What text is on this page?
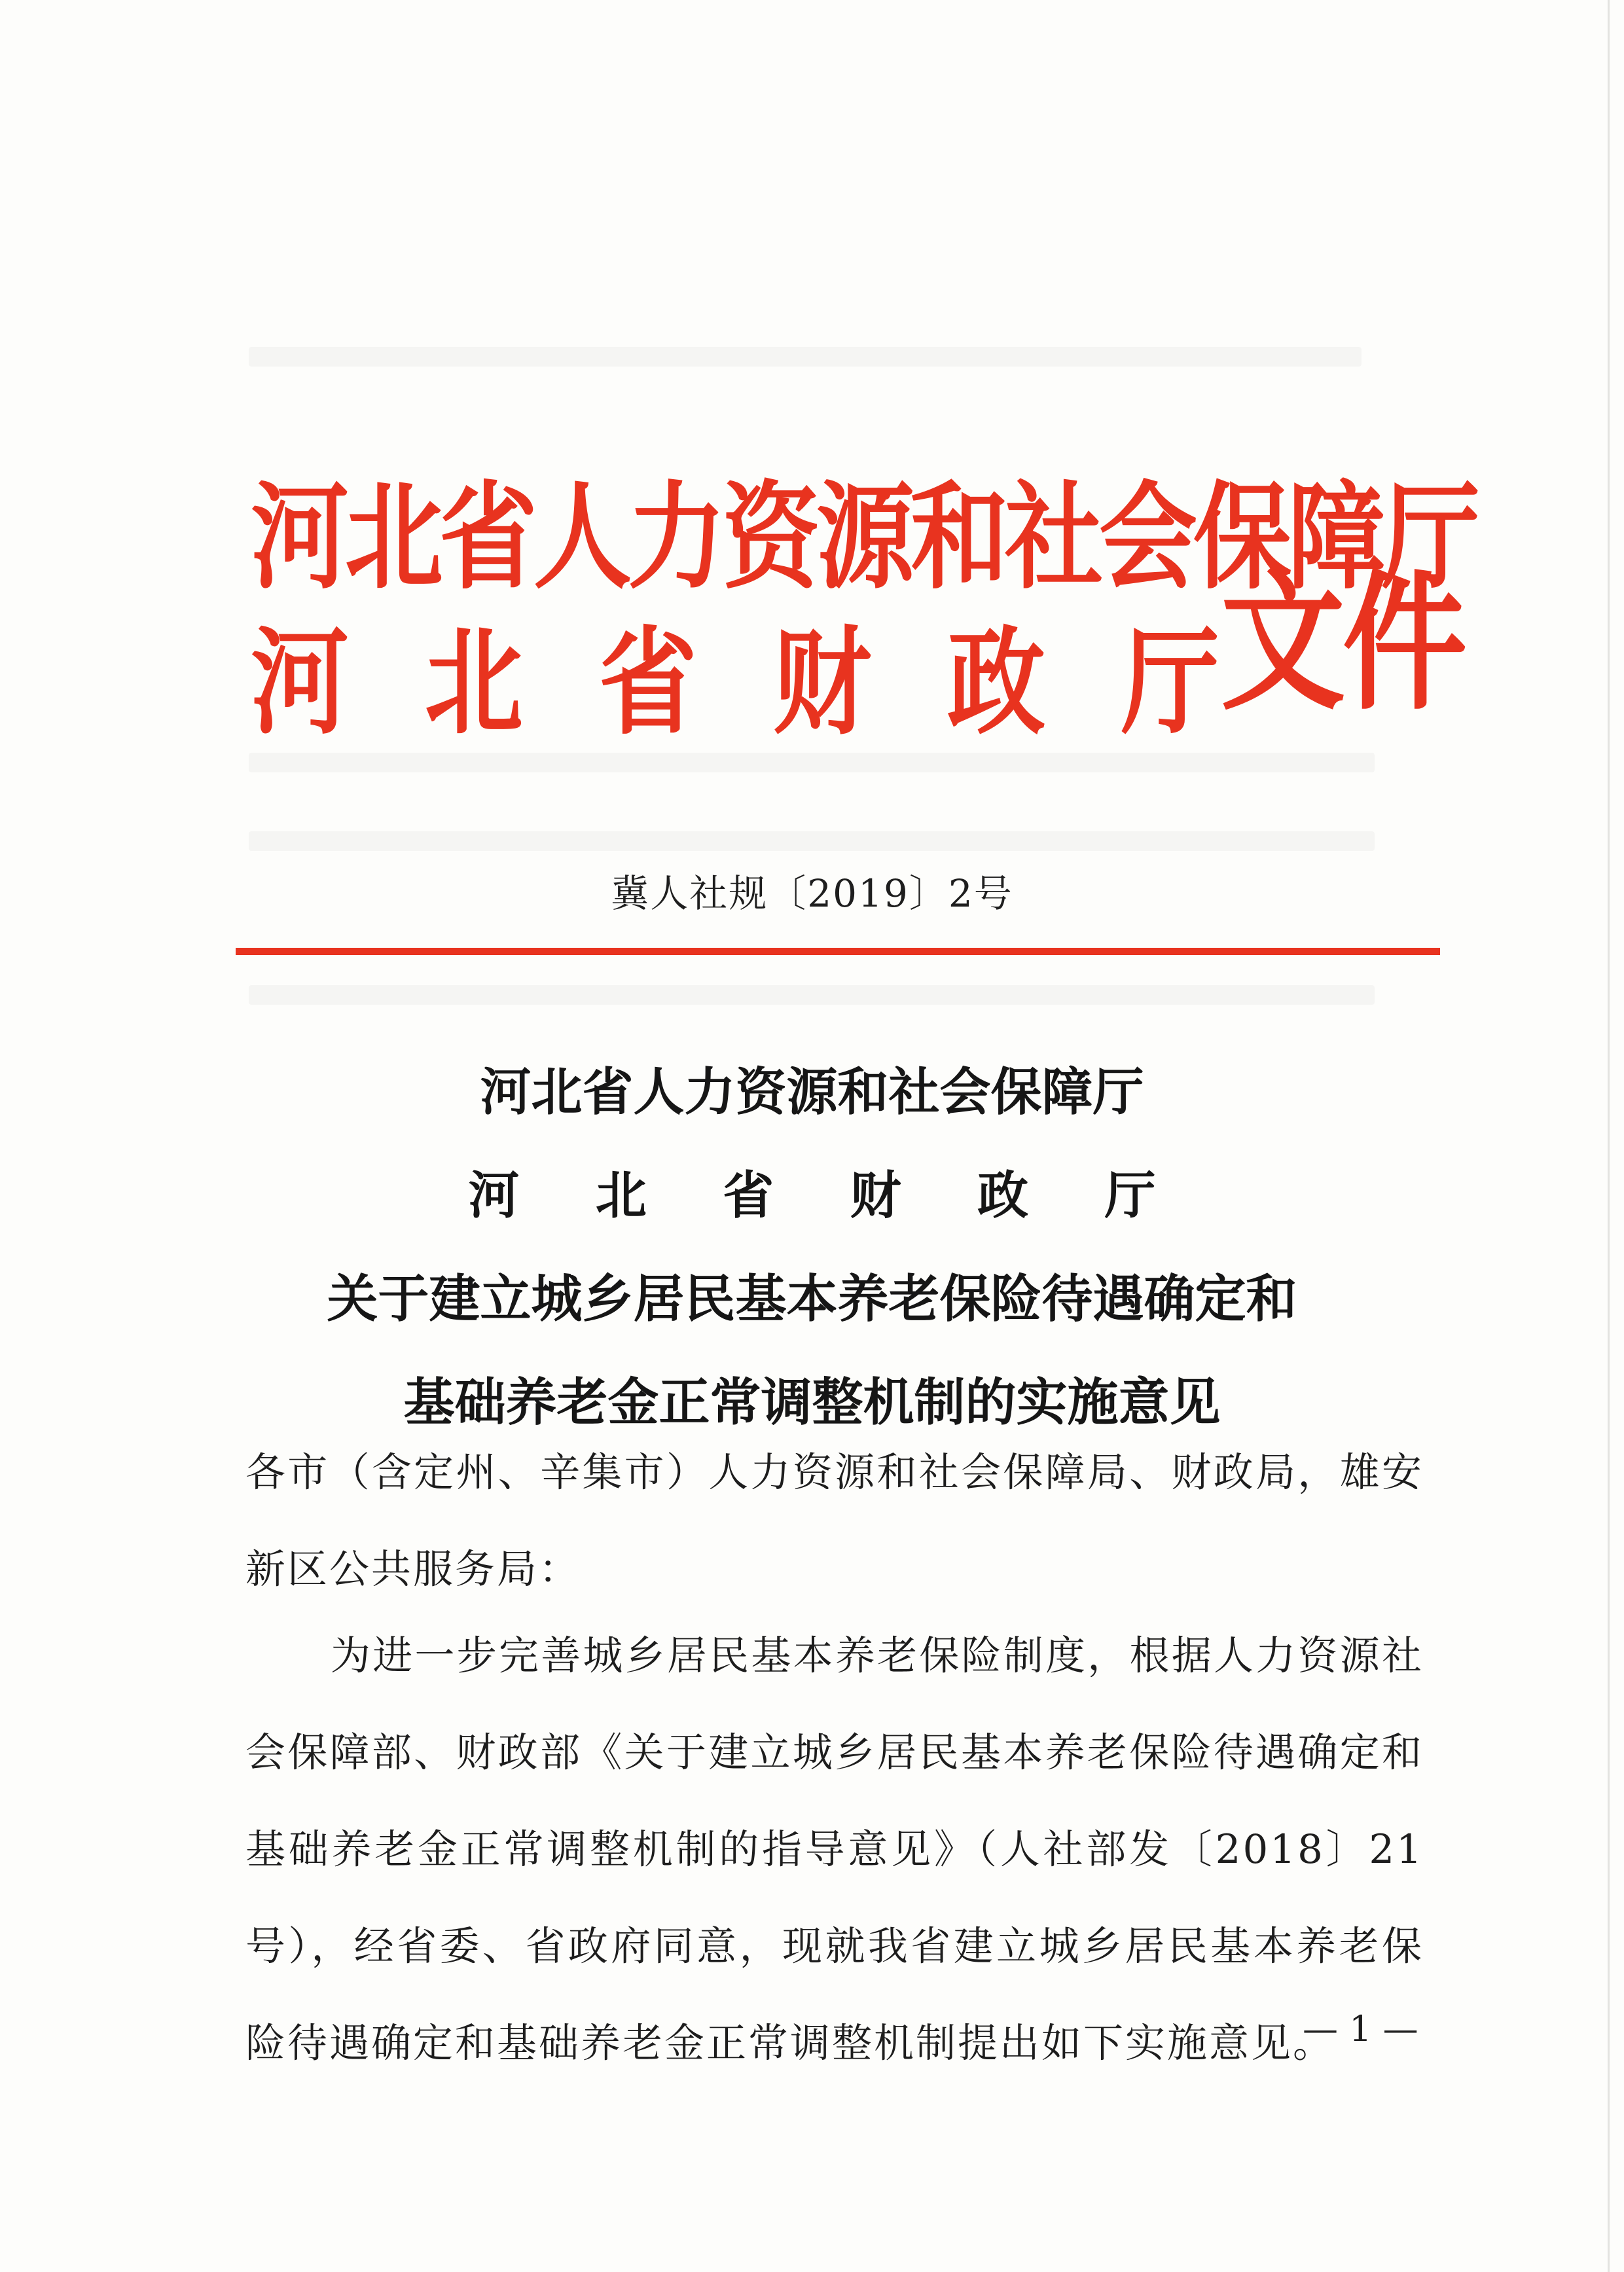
河北省人力资源和社会保障厅
河 北 省 财 政 厅 文件
冀人社规〔2019〕2号
河北省人力资源和社会保障厅
河 北 省 财 政 厅
关于建立城乡居民基本养老保险待遇确定和
基础养老金正常调整机制的实施意见
各市（含定州、辛集市）人力资源和社会保障局、财政局，雄安新区公共服务局：
为进一步完善城乡居民基本养老保险制度，根据人力资源社会保障部、财政部《关于建立城乡居民基本养老保险待遇确定和基础养老金正常调整机制的指导意见》（人社部发〔2018〕21号），经省委、省政府同意，现就我省建立城乡居民基本养老保险待遇确定和基础养老金正常调整机制提出如下实施意见。
— 1 —
